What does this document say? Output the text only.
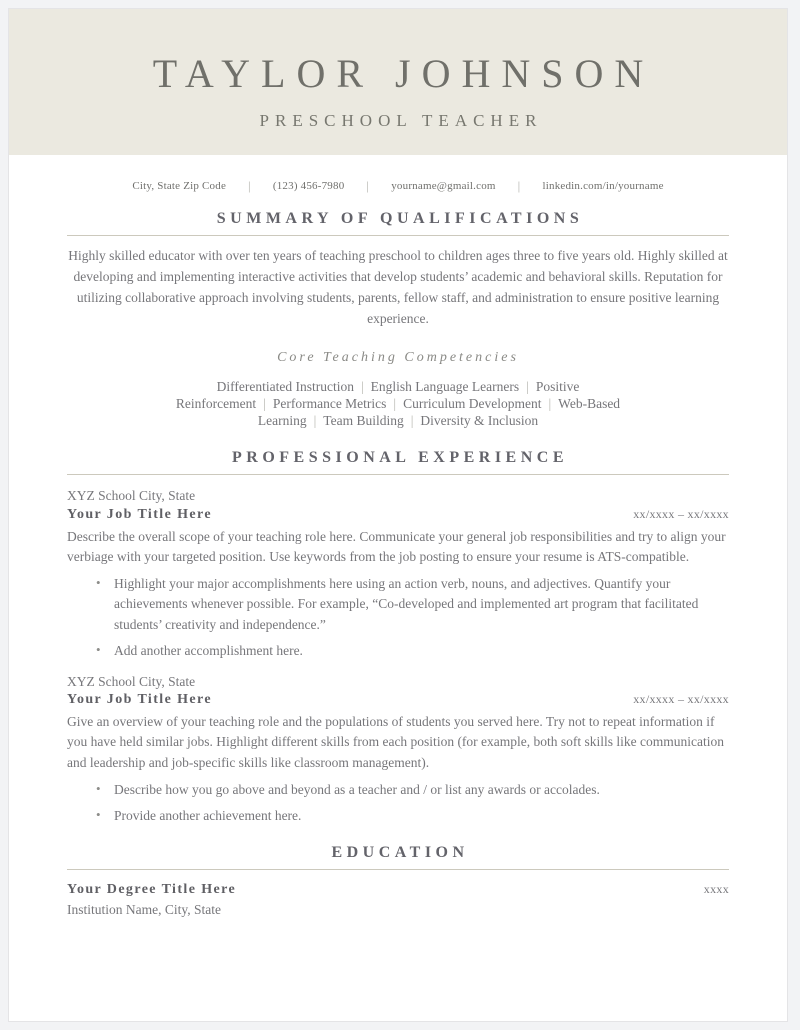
TAYLOR JOHNSON
PRESCHOOL TEACHER
City, State Zip Code	|	(123) 456-7980	|	yourname@gmail.com	|	linkedin.com/in/yourname
SUMMARY OF QUALIFICATIONS

Highly skilled educator with over ten years of teaching preschool to children ages three to five years old. Highly skilled at developing and implementing interactive activities that develop students’ academic and behavioral skills. Reputation for utilizing collaborative approach involving students, parents, fellow staff, and administration to ensure positive learning experience.

Core Teaching Competencies
Differentiated Instruction | English Language Learners | Positive Reinforcement | Performance Metrics | Curriculum Development | Web-Based Learning | Team Building | Diversity & Inclusion
PROFESSIONAL EXPERIENCE
XYZ School City, State
Your Job Title Here	xx/xxxx – xx/xxxx
Describe the overall scope of your teaching role here. Communicate your general job responsibilities and try to align your verbiage with your targeted position. Use keywords from the job posting to ensure your resume is ATS-compatible.
• Highlight your major accomplishments here using an action verb, nouns, and adjectives. Quantify your achievements whenever possible. For example, “Co-developed and implemented art program that facilitated students’ creativity and independence.”
• Add another accomplishment here.
XYZ School City, State
Your Job Title Here	xx/xxxx – xx/xxxx
Give an overview of your teaching role and the populations of students you served here. Try not to repeat information if you have held similar jobs. Highlight different skills from each position (for example, both soft skills like communication and leadership and job-specific skills like classroom management).
• Describe how you go above and beyond as a teacher and / or list any awards or accolades.
• Provide another achievement here.
EDUCATION
Your Degree Title Here	xxxx
Institution Name, City, State
